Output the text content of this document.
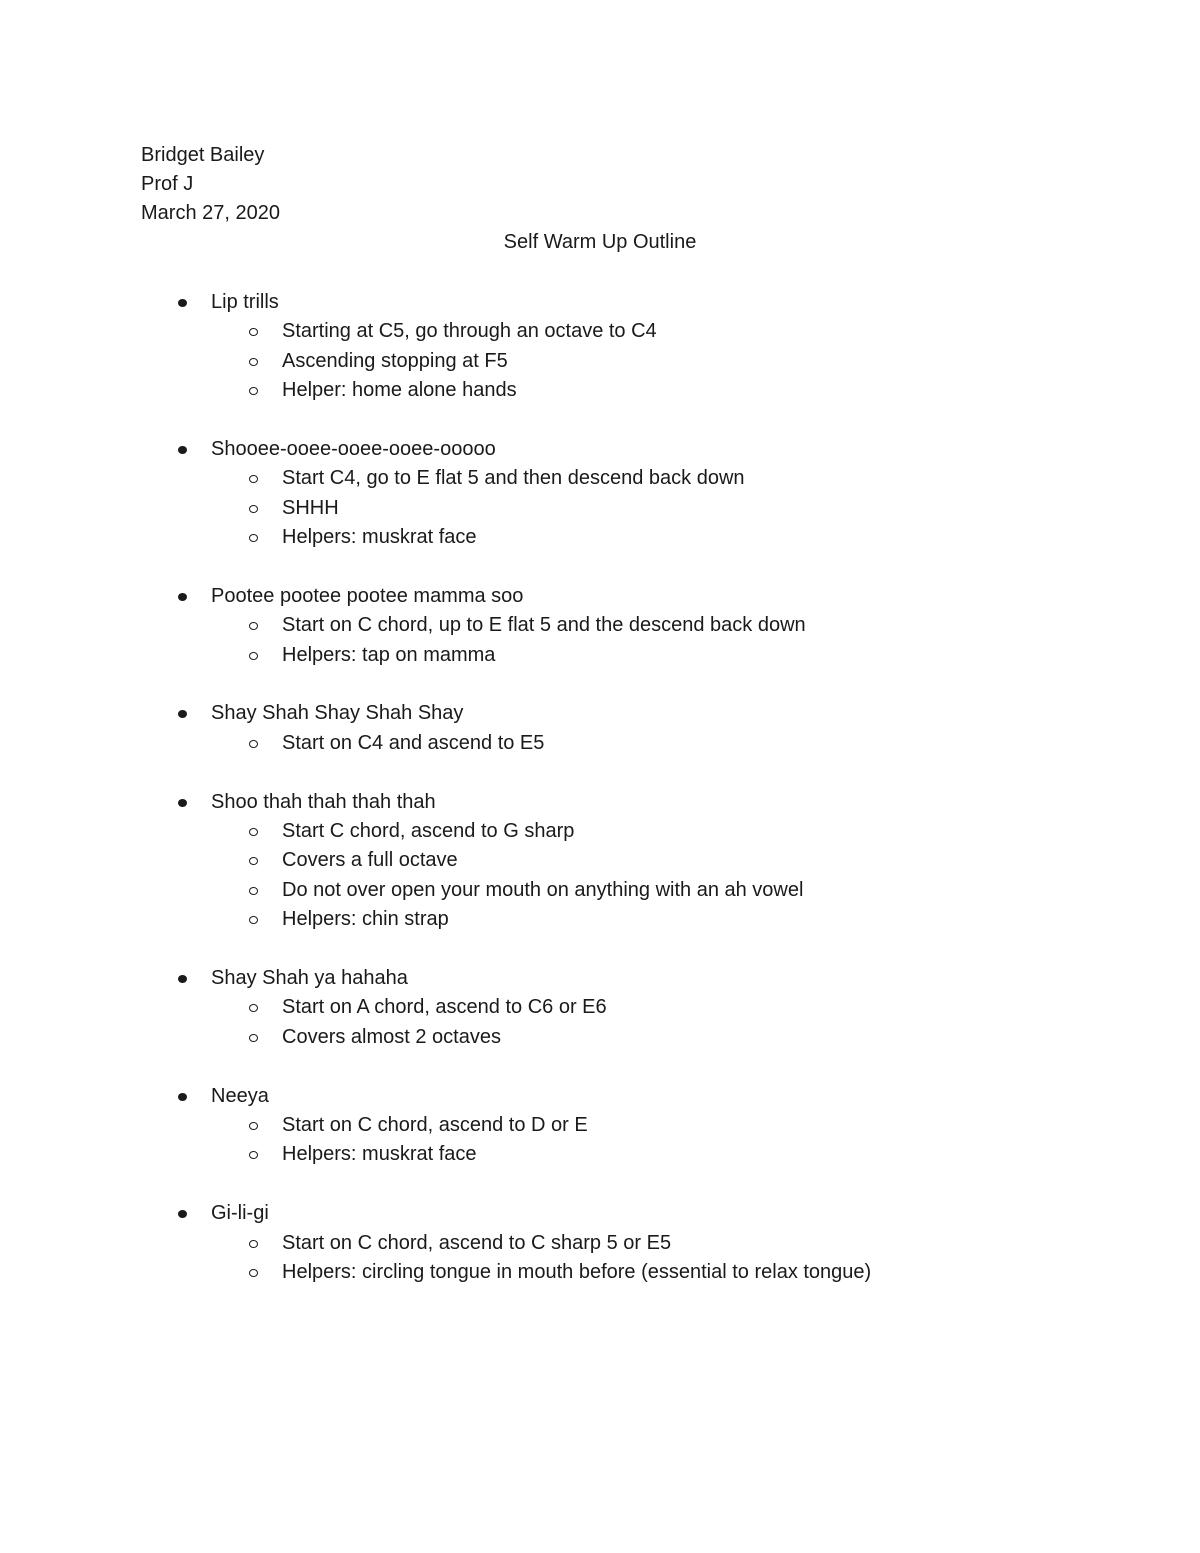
Bridget Bailey
Prof J
March 27, 2020
Self Warm Up Outline
Lip trills
Starting at C5, go through an octave to C4
Ascending stopping at F5
Helper: home alone hands
Shooee-ooee-ooee-ooee-ooooo
Start C4, go to E flat 5 and then descend back down
SHHH
Helpers: muskrat face
Pootee pootee pootee mamma soo
Start on C chord, up to E flat 5 and the descend back down
Helpers: tap on mamma
Shay Shah Shay Shah Shay
Start on C4 and ascend to E5
Shoo thah thah thah thah
Start C chord, ascend to G sharp
Covers a full octave
Do not over open your mouth on anything with an ah vowel
Helpers: chin strap
Shay Shah ya hahaha
Start on A chord, ascend to C6 or E6
Covers almost 2 octaves
Neeya
Start on C chord, ascend to D or E
Helpers: muskrat face
Gi-li-gi
Start on C chord, ascend to C sharp 5 or E5
Helpers: circling tongue in mouth before (essential to relax tongue)
